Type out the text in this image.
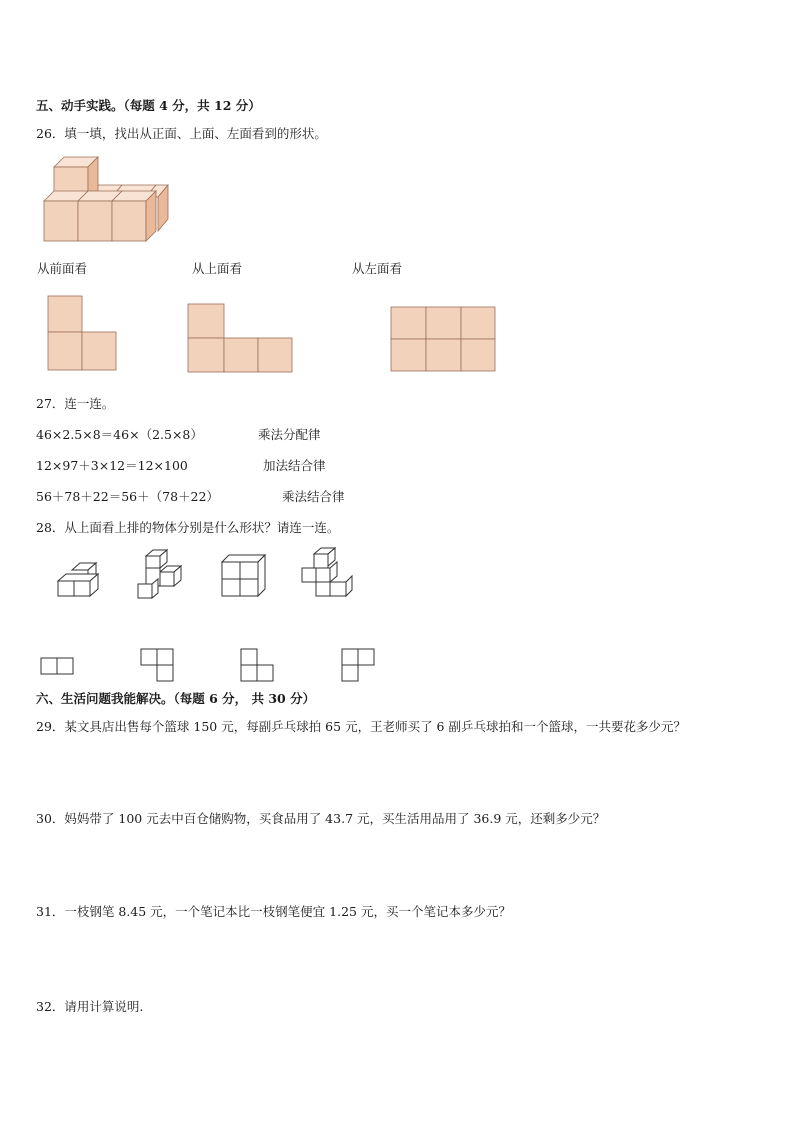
五、动手实践。（每题 4 分，共 12 分）
26．填一填，找出从正面、上面、左面看到的形状。
从前面看	从上面看	从左面看
27．连一连。
46×2.5×8＝46×（2.5×8）
12×97＋3×12＝12×100
56＋78＋22＝56＋（78＋22）
乘法分配律
加法结合律
乘法结合律
28．从上面看上排的物体分别是什么形状？请连一连。
六、生活问题我能解决。（每题 6 分， 共 30 分）
29．某文具店出售每个篮球 150 元，每副乒乓球拍 65 元，王老师买了 6 副乒乓球拍和一个篮球，一共要花多少元？
30．妈妈带了 100 元去中百仓储购物，买食品用了 43.7 元，买生活用品用了 36.9 元，还剩多少元？
31．一枝钢笔 8.45 元，一个笔记本比一枝钢笔便宜 1.25 元，买一个笔记本多少元？
32．请用计算说明.
